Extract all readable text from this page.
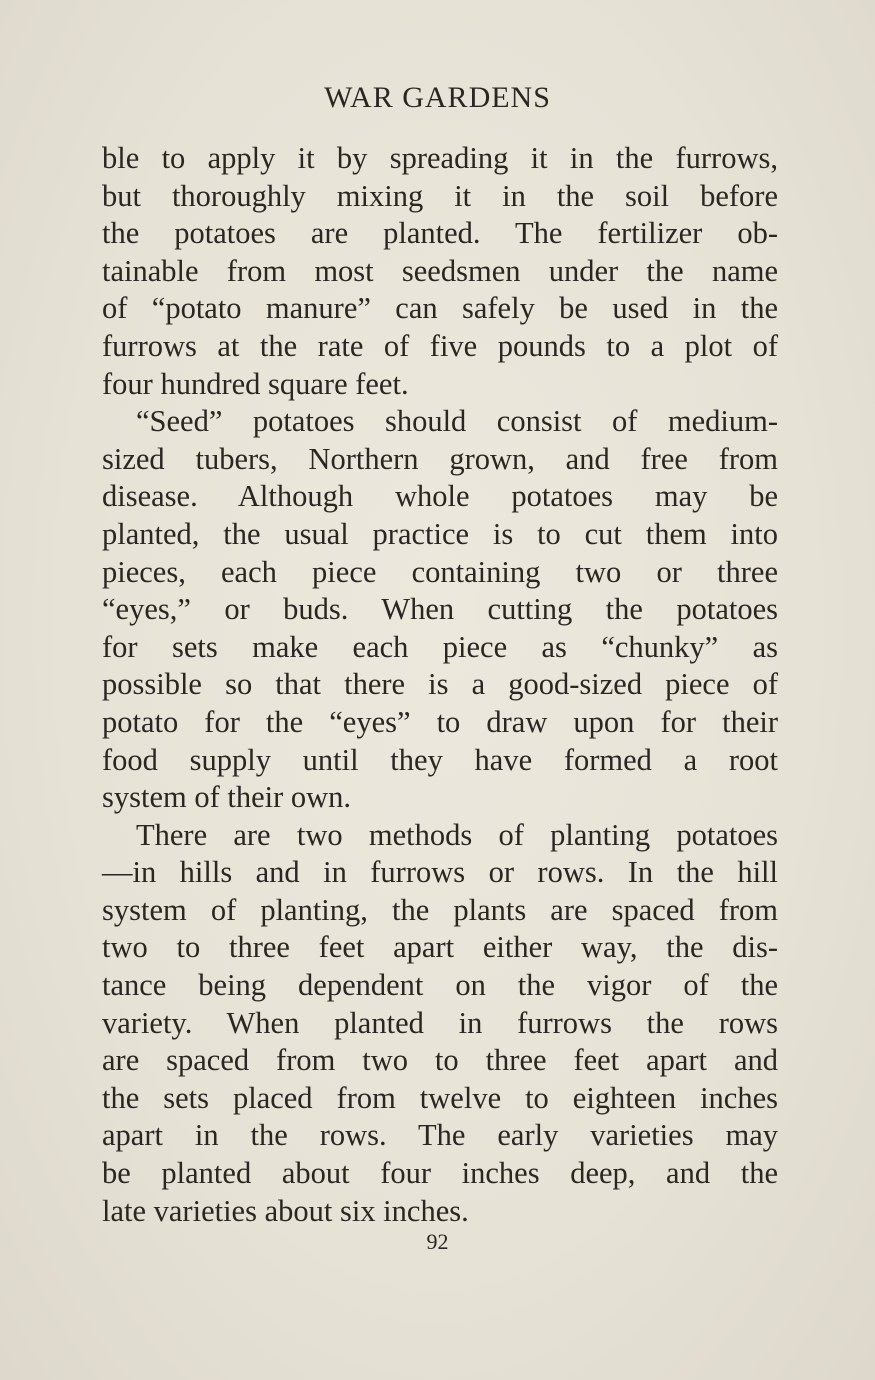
WAR GARDENS
ble to apply it by spreading it in the furrows,
but thoroughly mixing it in the soil before
the potatoes are planted. The fertilizer ob-
tainable from most seedsmen under the name
of “potato manure” can safely be used in the
furrows at the rate of five pounds to a plot of
four hundred square feet.
“Seed” potatoes should consist of medium-
sized tubers, Northern grown, and free from
disease. Although whole potatoes may be
planted, the usual practice is to cut them into
pieces, each piece containing two or three
“eyes,” or buds. When cutting the potatoes
for sets make each piece as “chunky” as
possible so that there is a good-sized piece of
potato for the “eyes” to draw upon for their
food supply until they have formed a root
system of their own.
There are two methods of planting potatoes
—in hills and in furrows or rows. In the hill
system of planting, the plants are spaced from
two to three feet apart either way, the dis-
tance being dependent on the vigor of the
variety. When planted in furrows the rows
are spaced from two to three feet apart and
the sets placed from twelve to eighteen inches
apart in the rows. The early varieties may
be planted about four inches deep, and the
late varieties about six inches.
92
